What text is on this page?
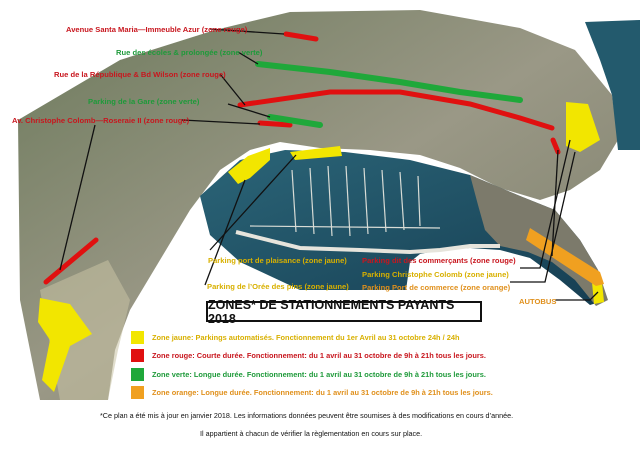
Avenue Santa Maria—Immeuble Azur (zone rouge)
Rue des écoles & prolongée (zone verte)
Rue de la République & Bd Wilson (zone rouge)
Parking de la Gare (zone verte)
Av. Christophe Colomb—Roseraie II (zone rouge)
Parking port de plaisance (zone jaune)
Parking de l’Orée des pins (zone jaune)
Parking dit des commerçants (zone rouge)
Parking Christophe Colomb (zone jaune)
Parking Port de commerce (zone orange)
AUTOBUS
ZONES* DE STATIONNEMENTS PAYANTS 2018
Zone jaune: Parkings automatisés. Fonctionnement du 1er Avril au 31 octobre 24h / 24h
Zone rouge: Courte durée. Fonctionnement: du 1 avril au 31 octobre de 9h à 21h tous les jours.
Zone verte: Longue durée. Fonctionnement: du 1 avril au 31 octobre de 9h à 21h tous les jours.
Zone orange: Longue durée. Fonctionnement: du 1 avril au 31 octobre de 9h à 21h tous les jours.
*Ce plan a été mis à jour en janvier 2018. Les informations données peuvent être soumises à des modifications en cours d’année.
Il appartient à chacun de vérifier la règlementation en cours sur place.
